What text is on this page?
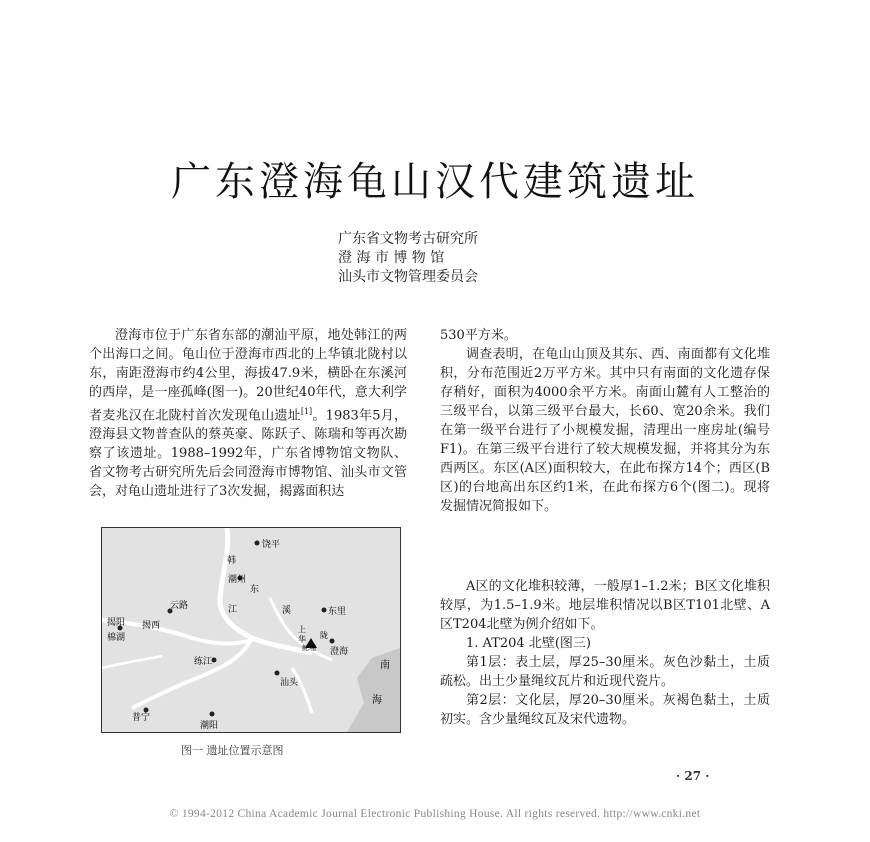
广东澄海龟山汉代建筑遗址
广东省文物考古研究所
澄 海 市 博 物 馆
汕头市文物管理委员会

澄海市位于广东省东部的潮汕平原，地处韩江的两个出海口之间。龟山位于澄海市西北的上华镇北陇村以东，南距澄海市约4公里，海拔47.9米，横卧在东溪河的西岸，是一座孤峰(图一)。20世纪40年代，意大利学者麦兆汉在北陇村首次发现龟山遗址[1]。1983年5月，澄海县文物普查队的蔡英豪、陈跃子、陈瑞和等再次勘察了该遗址。1988–1992年，广东省博物馆文物队、省文物考古研究所先后会同澄海市博物馆、汕头市文管会，对龟山遗址进行了3次发掘，揭露面积达

530平方米。

调查表明，在龟山山顶及其东、西、南面都有文化堆积，分布范围近2万平方米。其中只有南面的文化遗存保存稍好，面积为4000余平方米。南面山麓有人工整治的三级平台，以第三级平台最大，长60、宽20余米。我们在第一级平台进行了小规模发掘，清理出一座房址(编号F1)。在第三级平台进行了较大规模发掘，并将其分为东西两区。东区(A区)面积较大，在此布探方14个；西区(B区)的台地高出东区约1米，在此布探方6个(图二)。现将发掘情况简报如下。

A区的文化堆积较薄，一般厚1–1.2米；B区文化堆积较厚，为1.5–1.9米。地层堆积情况以B区T101北壁、A区T204北壁为例介绍如下。

1. AT204 北壁(图三)

第1层：表土层，厚25–30厘米。灰色沙黏土，土质疏松。出土少量绳纹瓦片和近现代瓷片。

第2层：文化层，厚20–30厘米。灰褐色黏土，土质初实。含少量绳纹瓦及宋代遗物。

饶平
韩
潮州
东
江	溪	东里
揭阳
云路
揭西
棉湖
上
华 陇
澄海
鮀埔
南
海
汕头
练江
普宁
潮阳
图一 遗址位置示意图
· 27 ·
© 1994-2012 China Academic Journal Electronic Publishing House. All rights reserved. http://www.cnki.net
